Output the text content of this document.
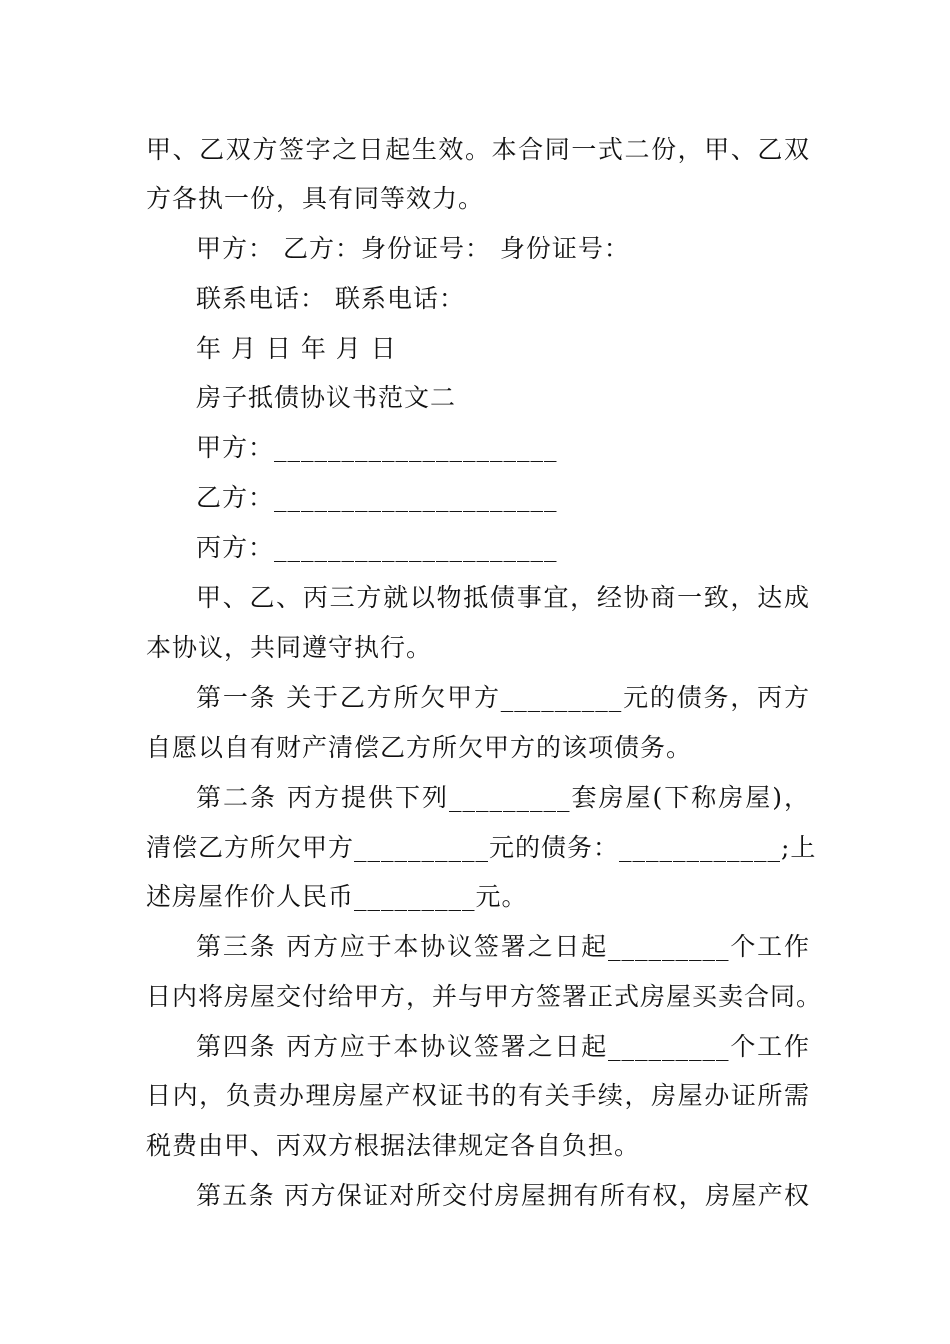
甲、乙双方签字之日起生效。本合同一式二份，甲、乙双
方各执一份，具有同等效力。
甲方： 乙方：身份证号： 身份证号：
联系电话： 联系电话：
年 月 日 年 月 日
房子抵债协议书范文二
甲方：_____________________
乙方：_____________________
丙方：_____________________
甲、乙、丙三方就以物抵债事宜，经协商一致，达成
本协议，共同遵守执行。
第一条 关于乙方所欠甲方_________元的债务，丙方
自愿以自有财产清偿乙方所欠甲方的该项债务。
第二条 丙方提供下列_________套房屋(下称房屋)，
清偿乙方所欠甲方__________元的债务：____________;上
述房屋作价人民币_________元。
第三条 丙方应于本协议签署之日起_________个工作
日内将房屋交付给甲方，并与甲方签署正式房屋买卖合同。
第四条 丙方应于本协议签署之日起_________个工作
日内，负责办理房屋产权证书的有关手续，房屋办证所需
税费由甲、丙双方根据法律规定各自负担。
第五条 丙方保证对所交付房屋拥有所有权，房屋产权
